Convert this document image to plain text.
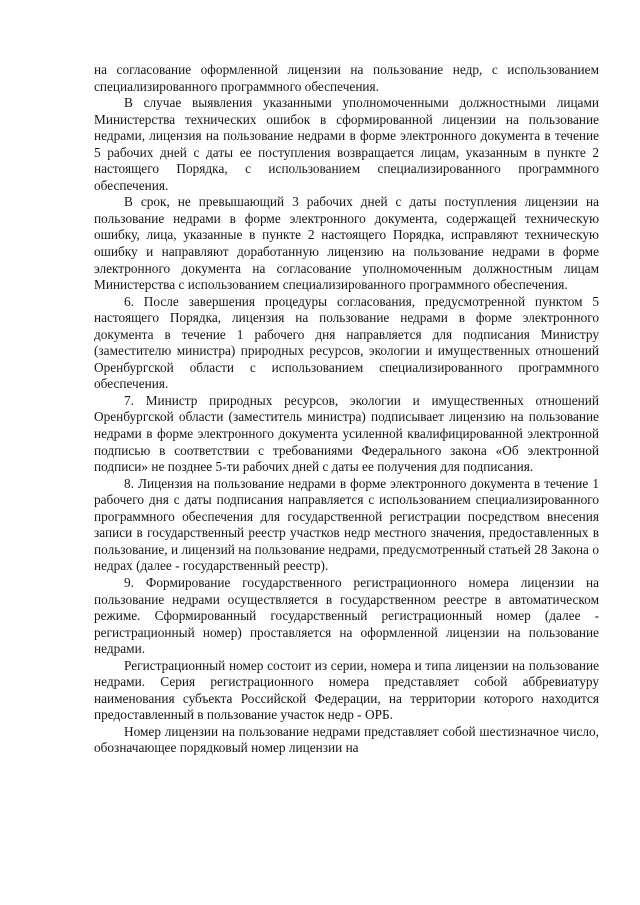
на согласование оформленной лицензии на пользование недр, с использованием специализированного программного обеспечения.

В случае выявления указанными уполномоченными должностными лицами Министерства технических ошибок в сформированной лицензии на пользование недрами, лицензия на пользование недрами в форме электронного документа в течение 5 рабочих дней с даты ее поступления возвращается лицам, указанным в пункте 2 настоящего Порядка, с использованием специализированного программного обеспечения.

В срок, не превышающий 3 рабочих дней с даты поступления лицензии на пользование недрами в форме электронного документа, содержащей техническую ошибку, лица, указанные в пункте 2 настоящего Порядка, исправляют техническую ошибку и направляют доработанную лицензию на пользование недрами в форме электронного документа на согласование уполномоченным должностным лицам Министерства с использованием специализированного программного обеспечения.

6. После завершения процедуры согласования, предусмотренной пунктом 5 настоящего Порядка, лицензия на пользование недрами в форме электронного документа в течение 1 рабочего дня направляется для подписания Министру (заместителю министра) природных ресурсов, экологии и имущественных отношений Оренбургской области с использованием специализированного программного обеспечения.

7. Министр природных ресурсов, экологии и имущественных отношений Оренбургской области (заместитель министра) подписывает лицензию на пользование недрами в форме электронного документа усиленной квалифицированной электронной подписью в соответствии с требованиями Федерального закона «Об электронной подписи» не позднее 5-ти рабочих дней с даты ее получения для подписания.

8. Лицензия на пользование недрами в форме электронного документа в течение 1 рабочего дня с даты подписания направляется с использованием специализированного программного обеспечения для государственной регистрации посредством внесения записи в государственный реестр участков недр местного значения, предоставленных в пользование, и лицензий на пользование недрами, предусмотренный статьей 28 Закона о недрах (далее - государственный реестр).

9. Формирование государственного регистрационного номера лицензии на пользование недрами осуществляется в государственном реестре в автоматическом режиме. Сформированный государственный регистрационный номер (далее - регистрационный номер) проставляется на оформленной лицензии на пользование недрами.

Регистрационный номер состоит из серии, номера и типа лицензии на пользование недрами. Серия регистрационного номера представляет собой аббревиатуру наименования субъекта Российской Федерации, на территории которого находится предоставленный в пользование участок недр - ОРБ.

Номер лицензии на пользование недрами представляет собой шестизначное число, обозначающее порядковый номер лицензии на
